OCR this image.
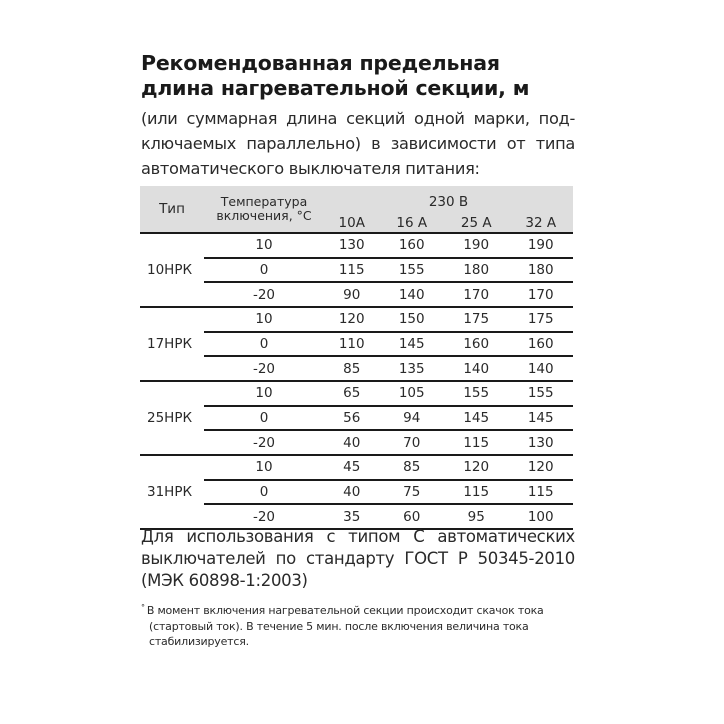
Рекомендованная предельная
длина нагревательной секции, м
(или суммарная длина секций одной марки, под-ключаемых параллельно) в зависимости от типа автоматического выключателя питания:
Тип	Температура включения, °С	230 В			
		10А	16 А	25 А	32 А
10НРК	10	130	160	190	190
	0	115	155	180	180
	-20	90	140	170	170
17НРК	10	120	150	175	175
	0	110	145	160	160
	-20	85	135	140	140
25НРК	10	65	105	155	155
	0	56	94	145	145
	-20	40	70	115	130
31НРК	10	45	85	120	120
	0	40	75	115	115
	-20	35	60	95	100
Для использования с типом С автоматических выключателей по стандарту ГОСТ Р 50345-2010 (МЭК 60898-1:2003)
° В момент включения нагревательной секции происходит скачок тока
(стартовый ток). В течение 5 мин. после включения величина тока
стабилизируется.
